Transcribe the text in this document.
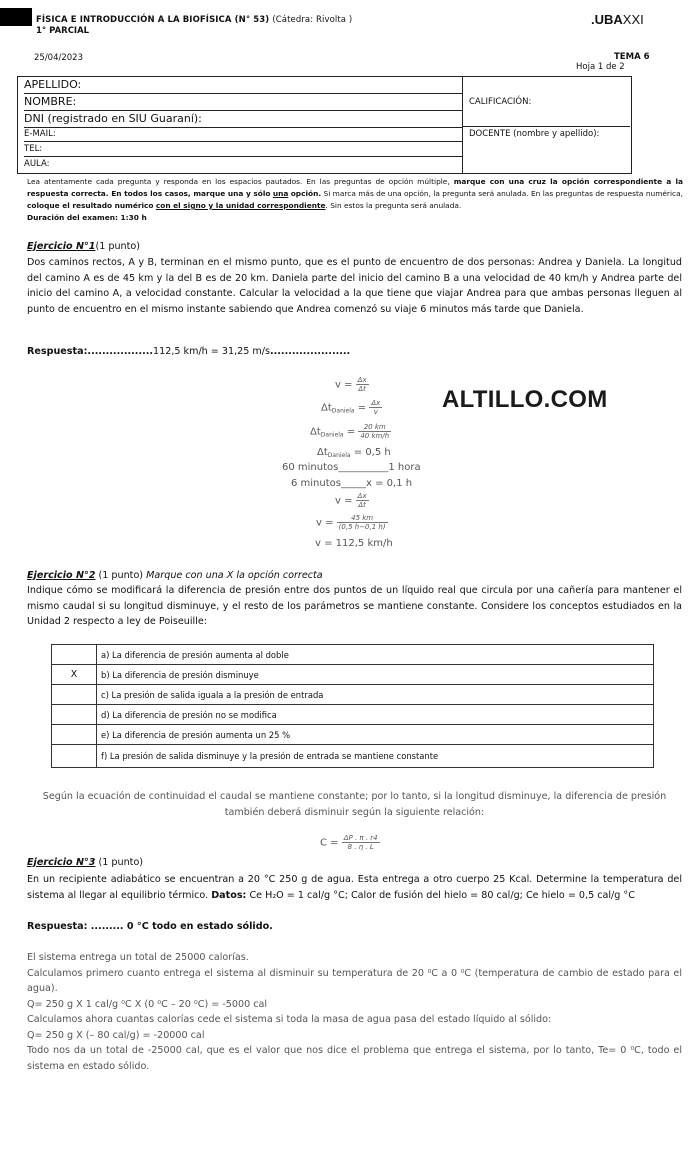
FÍSICA E INTRODUCCIÓN A LA BIOFÍSICA (N° 53) (Cátedra: Rivolta )
1° PARCIAL
.UBAXXI
25/04/2023	TEMA 6
Hoja 1 de 2
APELLIDO:
NOMBRE:
DNI (registrado en SIU Guaraní):
E-MAIL:
TEL:
AULA:
CALIFICACIÓN:
DOCENTE (nombre y apellido):
Lea atentamente cada pregunta y responda en los espacios pautados. En las preguntas de opción múltiple, marque con una cruz la opción correspondiente a la respuesta correcta. En todos los casos, marque una y sólo una opción. Si marca más de una opción, la pregunta será anulada. En las preguntas de respuesta numérica, coloque el resultado numérico con el signo y la unidad correspondiente. Sin estos la pregunta será anulada.
Duración del examen: 1:30 h
Ejercicio N°1(1 punto)
Dos caminos rectos, A y B, terminan en el mismo punto, que es el punto de encuentro de dos personas: Andrea y Daniela. La longitud del camino A es de 45 km y la del B es de 20 km. Daniela parte del inicio del camino B a una velocidad de 40 km/h y Andrea parte del inicio del camino A, a velocidad constante. Calcular la velocidad a la que tiene que viajar Andrea para que ambas personas lleguen al punto de encuentro en el mismo instante sabiendo que Andrea comenzó su viaje 6 minutos más tarde que Daniela.
Respuesta:..................112,5 km/h = 31,25 m/s......................
ALTILLO.COM
$v = \frac{\Delta x}{\Delta t}$
$\Delta t_{Daniela} = \frac{\Delta x}{v}$
$\Delta t_{Daniela} = \frac{20 km}{40 km/h}$
$\Delta t_{Daniela} = 0,5$ h
60 minutos__________1 hora
6 minutos_____x = 0,1 h
$v = \frac{\Delta x}{\Delta t}$
$v = \frac{45 km}{(0,5 h-0,1 h)}$
v = 112,5 km/h
Ejercicio N°2 (1 punto) Marque con una X la opción correcta
Indique cómo se modificará la diferencia de presión entre dos puntos de un líquido real que circula por una cañería para mantener el mismo caudal si su longitud disminuye, y el resto de los parámetros se mantiene constante. Considere los conceptos estudiados en la Unidad 2 respecto a ley de Poiseuille:
	a) La diferencia de presión aumenta al doble
X	b) La diferencia de presión disminuye
	c) La presión de salida iguala a la presión de entrada
	d) La diferencia de presión no se modifica
	e) La diferencia de presión aumenta un 25 %
	f) La presión de salida disminuye y la presión de entrada se mantiene constante
Según la ecuación de continuidad el caudal se mantiene constante; por lo tanto, si la longitud disminuye, la diferencia de presión también deberá disminuir según la siguiente relación:
$C = \frac{\Delta P . \pi . r4}{8 . \eta . L}$
Ejercicio N°3 (1 punto)
En un recipiente adiabático se encuentran a 20 °C 250 g de agua. Esta entrega a otro cuerpo 25 Kcal. Determine la temperatura del sistema al llegar al equilibrio térmico. Datos: Ce H₂O = 1 cal/g °C; Calor de fusión del hielo = 80 cal/g; Ce hielo = 0,5 cal/g °C
Respuesta: ......... 0 °C todo en estado sólido.
El sistema entrega un total de 25000 calorías.
Calculamos primero cuanto entrega el sistema al disminuir su temperatura de 20 ⁰C a 0 ⁰C (temperatura de cambio de estado para el agua).
Q= 250 g X 1 cal/g ⁰C X (0 ⁰C – 20 ⁰C) = -5000 cal
Calculamos ahora cuantas calorías cede el sistema si toda la masa de agua pasa del estado líquido al sólido:
Q= 250 g X (– 80 cal/g) = -20000 cal
Todo nos da un total de -25000 cal, que es el valor que nos dice el problema que entrega el sistema, por lo tanto, Te= 0 ⁰C, todo el sistema en estado sólido.
